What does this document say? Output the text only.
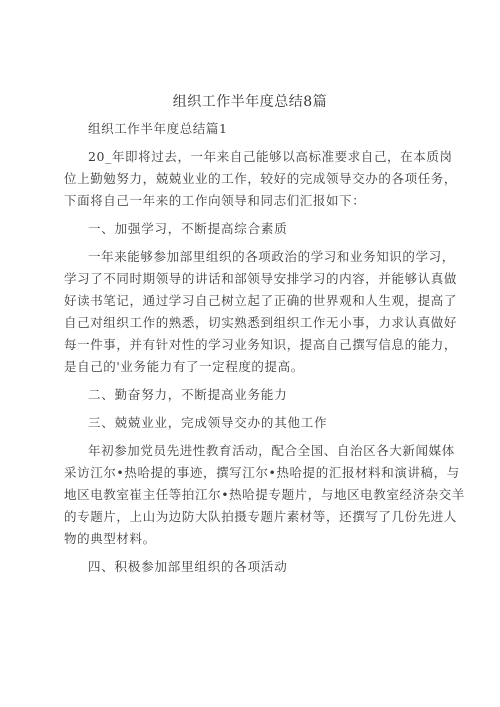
组织工作半年度总结8篇
组织工作半年度总结篇1
20_年即将过去，一年来自己能够以高标准要求自己，在本质岗
位上勤勉努力，兢兢业业的工作，较好的完成领导交办的各项任务，
下面将自己一年来的工作向领导和同志们汇报如下：
一、加强学习，不断提高综合素质
一年来能够参加部里组织的各项政治的学习和业务知识的学习，
学习了不同时期领导的讲话和部领导安排学习的内容，并能够认真做
好读书笔记，通过学习自己树立起了正确的世界观和人生观，提高了
自己对组织工作的熟悉，切实熟悉到组织工作无小事，力求认真做好
每一件事，并有针对性的学习业务知识，提高自己撰写信息的能力，
是自己的'业务能力有了一定程度的提高。
二、勤奋努力，不断提高业务能力
三、兢兢业业，完成领导交办的其他工作
年初参加党员先进性教育活动，配合全国、自治区各大新闻媒体
采访江尔•热哈提的事迹，撰写江尔•热哈提的汇报材料和演讲稿，与
地区电教室崔主任等拍江尔•热哈提专题片，与地区电教室经济杂交羊
的专题片，上山为边防大队拍摄专题片素材等，还撰写了几份先进人
物的典型材料。
四、积极参加部里组织的各项活动
